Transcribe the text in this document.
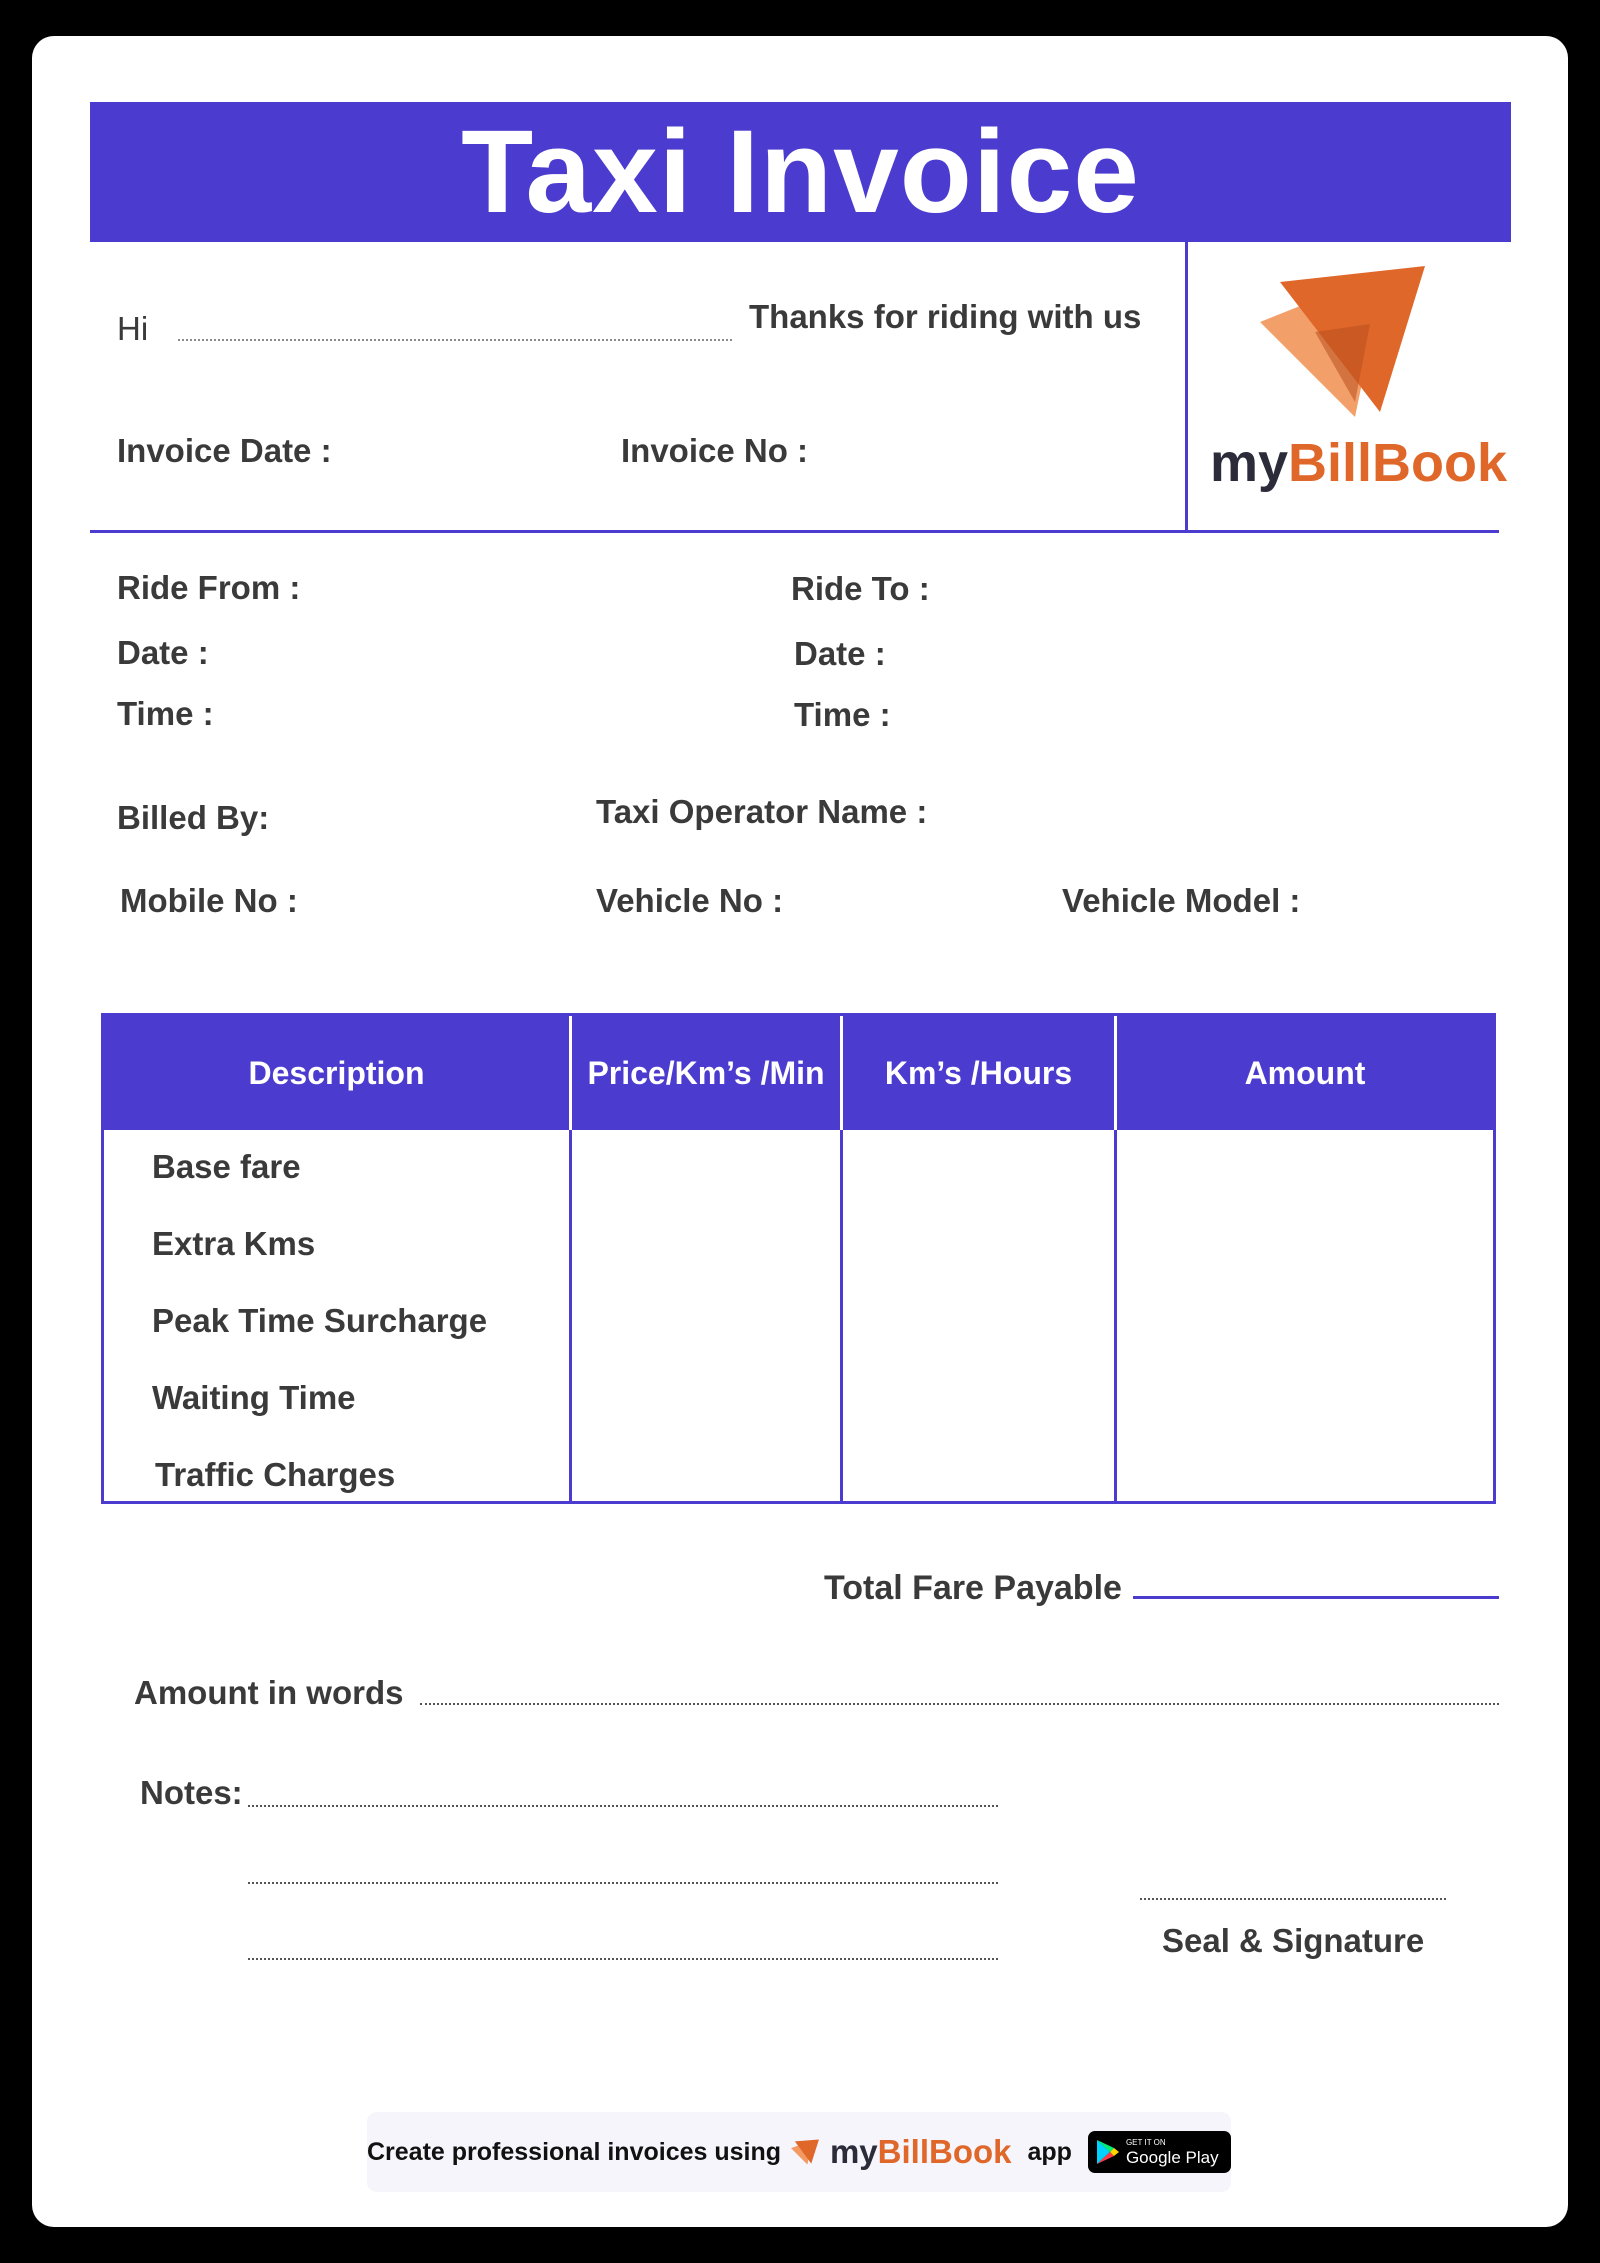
Taxi Invoice
Hi	Thanks for riding with us
Invoice Date :	Invoice No :	myBillBook
Ride From :	Ride To :
Date :	Date :
Time :	Time :
Billed By:	Taxi Operator Name :
Mobile No :	Vehicle No :	Vehicle Model :
Description	Price/Km’s /Min	Km’s /Hours	Amount
Base fare
Extra Kms
Peak Time Surcharge
Waiting Time
Traffic Charges
Total Fare Payable
Amount in words
Notes:
Seal & Signature
Create professional invoices using myBillBook app	GET IT ON
Google Play
